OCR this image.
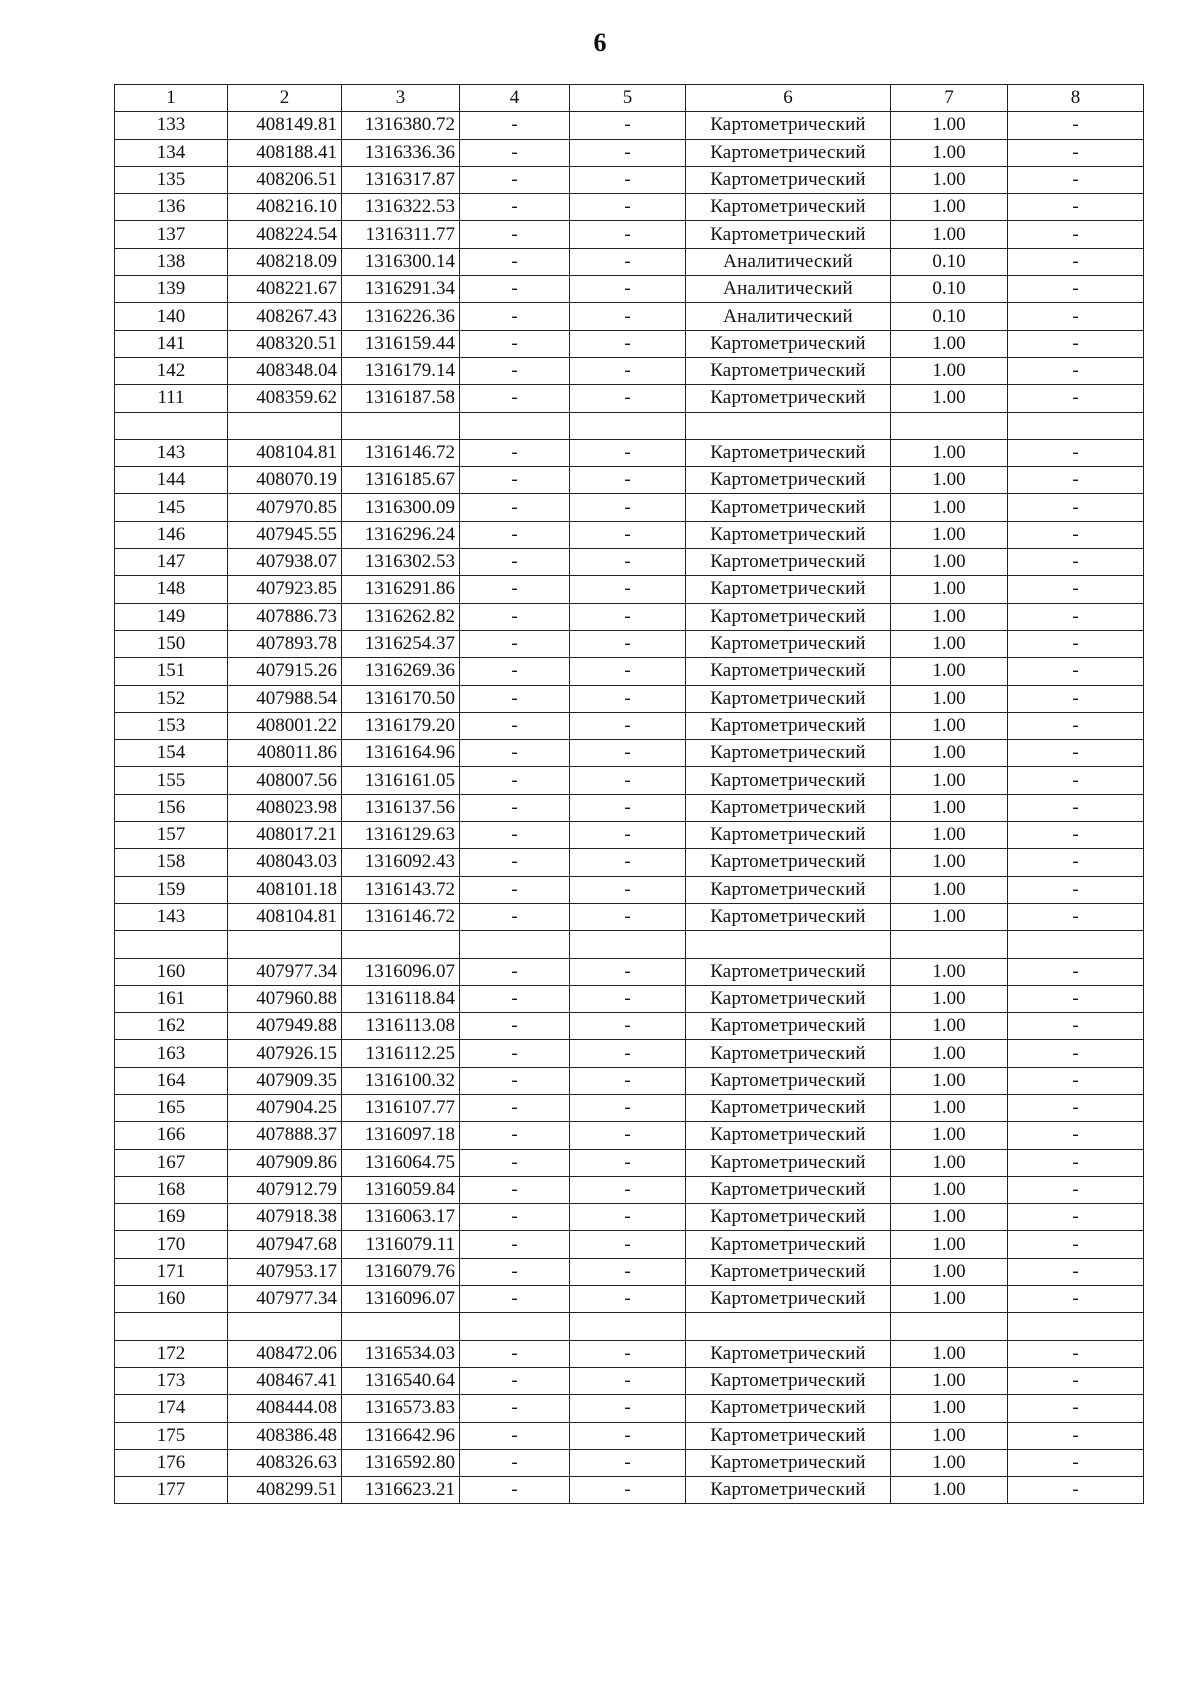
6
1	2	3	4	5	6	7	8
133	408149.81	1316380.72	-	-	Картометрический	1.00	-
134	408188.41	1316336.36	-	-	Картометрический	1.00	-
135	408206.51	1316317.87	-	-	Картометрический	1.00	-
136	408216.10	1316322.53	-	-	Картометрический	1.00	-
137	408224.54	1316311.77	-	-	Картометрический	1.00	-
138	408218.09	1316300.14	-	-	Аналитический	0.10	-
139	408221.67	1316291.34	-	-	Аналитический	0.10	-
140	408267.43	1316226.36	-	-	Аналитический	0.10	-
141	408320.51	1316159.44	-	-	Картометрический	1.00	-
142	408348.04	1316179.14	-	-	Картометрический	1.00	-
111	408359.62	1316187.58	-	-	Картометрический	1.00	-

143	408104.81	1316146.72	-	-	Картометрический	1.00	-
144	408070.19	1316185.67	-	-	Картометрический	1.00	-
145	407970.85	1316300.09	-	-	Картометрический	1.00	-
146	407945.55	1316296.24	-	-	Картометрический	1.00	-
147	407938.07	1316302.53	-	-	Картометрический	1.00	-
148	407923.85	1316291.86	-	-	Картометрический	1.00	-
149	407886.73	1316262.82	-	-	Картометрический	1.00	-
150	407893.78	1316254.37	-	-	Картометрический	1.00	-
151	407915.26	1316269.36	-	-	Картометрический	1.00	-
152	407988.54	1316170.50	-	-	Картометрический	1.00	-
153	408001.22	1316179.20	-	-	Картометрический	1.00	-
154	408011.86	1316164.96	-	-	Картометрический	1.00	-
155	408007.56	1316161.05	-	-	Картометрический	1.00	-
156	408023.98	1316137.56	-	-	Картометрический	1.00	-
157	408017.21	1316129.63	-	-	Картометрический	1.00	-
158	408043.03	1316092.43	-	-	Картометрический	1.00	-
159	408101.18	1316143.72	-	-	Картометрический	1.00	-
143	408104.81	1316146.72	-	-	Картометрический	1.00	-

160	407977.34	1316096.07	-	-	Картометрический	1.00	-
161	407960.88	1316118.84	-	-	Картометрический	1.00	-
162	407949.88	1316113.08	-	-	Картометрический	1.00	-
163	407926.15	1316112.25	-	-	Картометрический	1.00	-
164	407909.35	1316100.32	-	-	Картометрический	1.00	-
165	407904.25	1316107.77	-	-	Картометрический	1.00	-
166	407888.37	1316097.18	-	-	Картометрический	1.00	-
167	407909.86	1316064.75	-	-	Картометрический	1.00	-
168	407912.79	1316059.84	-	-	Картометрический	1.00	-
169	407918.38	1316063.17	-	-	Картометрический	1.00	-
170	407947.68	1316079.11	-	-	Картометрический	1.00	-
171	407953.17	1316079.76	-	-	Картометрический	1.00	-
160	407977.34	1316096.07	-	-	Картометрический	1.00	-

172	408472.06	1316534.03	-	-	Картометрический	1.00	-
173	408467.41	1316540.64	-	-	Картометрический	1.00	-
174	408444.08	1316573.83	-	-	Картометрический	1.00	-
175	408386.48	1316642.96	-	-	Картометрический	1.00	-
176	408326.63	1316592.80	-	-	Картометрический	1.00	-
177	408299.51	1316623.21	-	-	Картометрический	1.00	-
